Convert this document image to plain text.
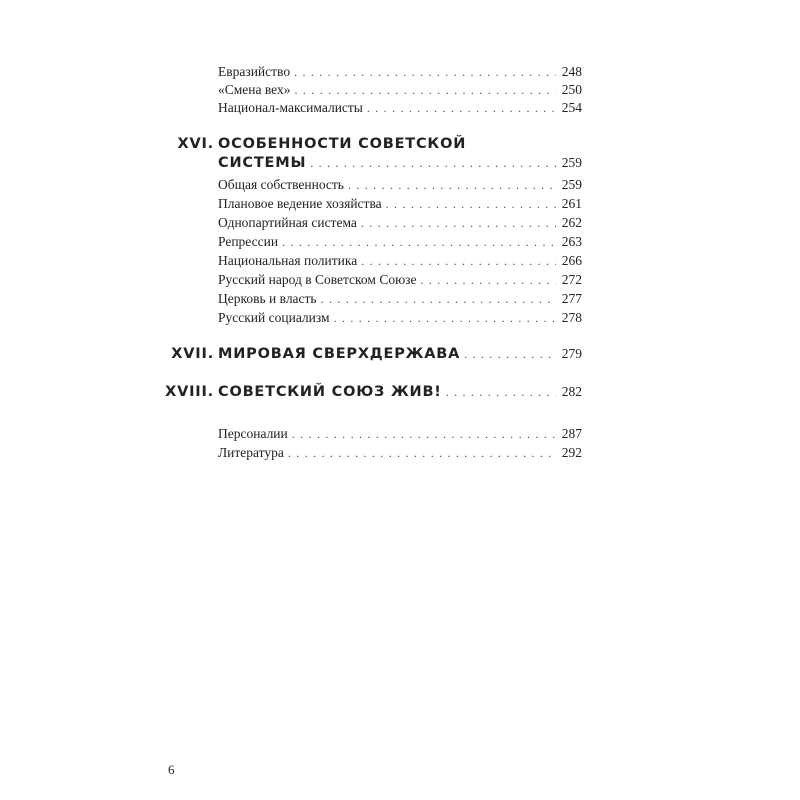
Евразийство . . .	248
«Смена вех» . . .	250
Национал-максималисты . . .	254
XVI. ОСОБЕННОСТИ СОВЕТСКОЙ
СИСТЕМЫ . . .	259
Общая собственность . . .	259
Плановое ведение хозяйства . . .	261
Однопартийная система . . .	262
Репрессии . . .	263
Национальная политика . . .	266
Русский народ в Советском Союзе . . .	272
Церковь и власть . . .	277
Русский социализм . . .	278
XVII. МИРОВАЯ СВЕРХДЕРЖАВА . . .	279
XVIII. СОВЕТСКИЙ СОЮЗ ЖИВ! . . .	282
Персоналии . . .	287
Литература . . .	292
6
